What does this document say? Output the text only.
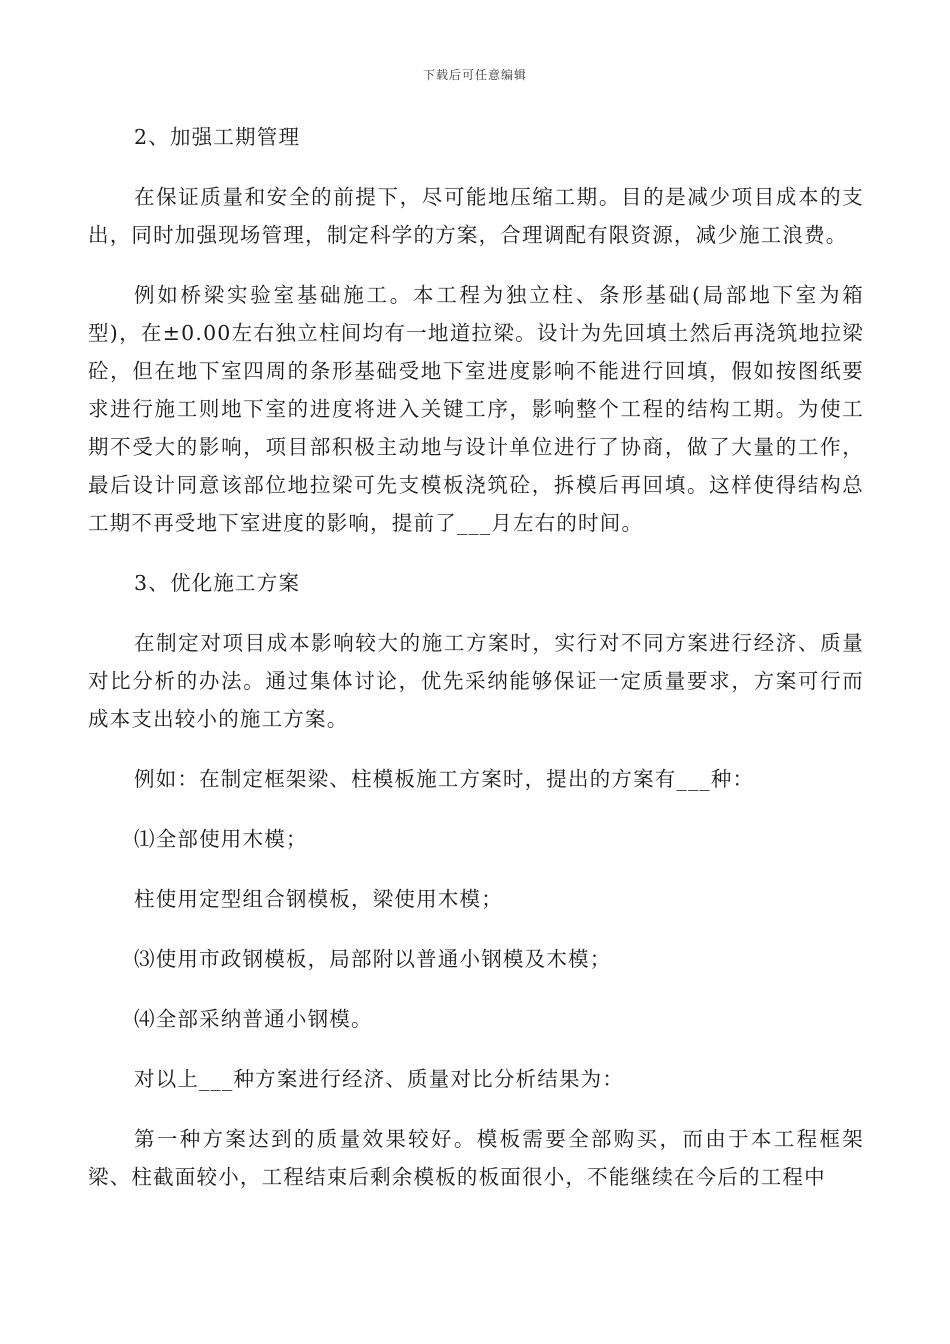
下载后可任意编辑

2、加强工期管理

在保证质量和安全的前提下，尽可能地压缩工期。目的是减少项目成本的支出，同时加强现场管理，制定科学的方案，合理调配有限资源，减少施工浪费。

例如桥梁实验室基础施工。本工程为独立柱、条形基础(局部地下室为箱型)，在±0.00左右独立柱间均有一地道拉梁。设计为先回填土然后再浇筑地拉梁砼，但在地下室四周的条形基础受地下室进度影响不能进行回填，假如按图纸要求进行施工则地下室的进度将进入关键工序，影响整个工程的结构工期。为使工期不受大的影响，项目部积极主动地与设计单位进行了协商，做了大量的工作，最后设计同意该部位地拉梁可先支模板浇筑砼，拆模后再回填。这样使得结构总工期不再受地下室进度的影响，提前了___月左右的时间。

3、优化施工方案

在制定对项目成本影响较大的施工方案时，实行对不同方案进行经济、质量对比分析的办法。通过集体讨论，优先采纳能够保证一定质量要求，方案可行而成本支出较小的施工方案。

例如：在制定框架梁、柱模板施工方案时，提出的方案有___种：

⑴全部使用木模；

柱使用定型组合钢模板，梁使用木模；

⑶使用市政钢模板，局部附以普通小钢模及木模；

⑷全部采纳普通小钢模。

对以上___种方案进行经济、质量对比分析结果为：

第一种方案达到的质量效果较好。模板需要全部购买，而由于本工程框架梁、柱截面较小，工程结束后剩余模板的板面很小，不能继续在今后的工程中
